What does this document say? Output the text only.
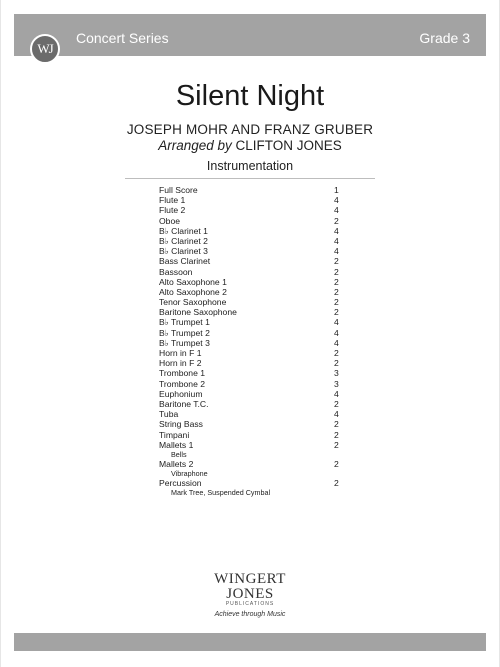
WJ
Concert Series	Grade 3
Silent Night
JOSEPH MOHR AND FRANZ GRUBER
Arranged by CLIFTON JONES
Instrumentation
Full Score	1
Flute 1	4
Flute 2	4
Oboe	2
B♭ Clarinet 1	4
B♭ Clarinet 2	4
B♭ Clarinet 3	4
Bass Clarinet	2
Bassoon	2
Alto Saxophone 1	2
Alto Saxophone 2	2
Tenor Saxophone	2
Baritone Saxophone	2
B♭ Trumpet 1	4
B♭ Trumpet 2	4
B♭ Trumpet 3	4
Horn in F 1	2
Horn in F 2	2
Trombone 1	3
Trombone 2	3
Euphonium	4
Baritone T.C.	2
Tuba	4
String Bass	2
Timpani	2
Mallets 1	2
Bells
Mallets 2	2
Vibraphone
Percussion	2
Mark Tree, Suspended Cymbal
WINGERT
JONES
PUBLICATIONS
Achieve through Music
